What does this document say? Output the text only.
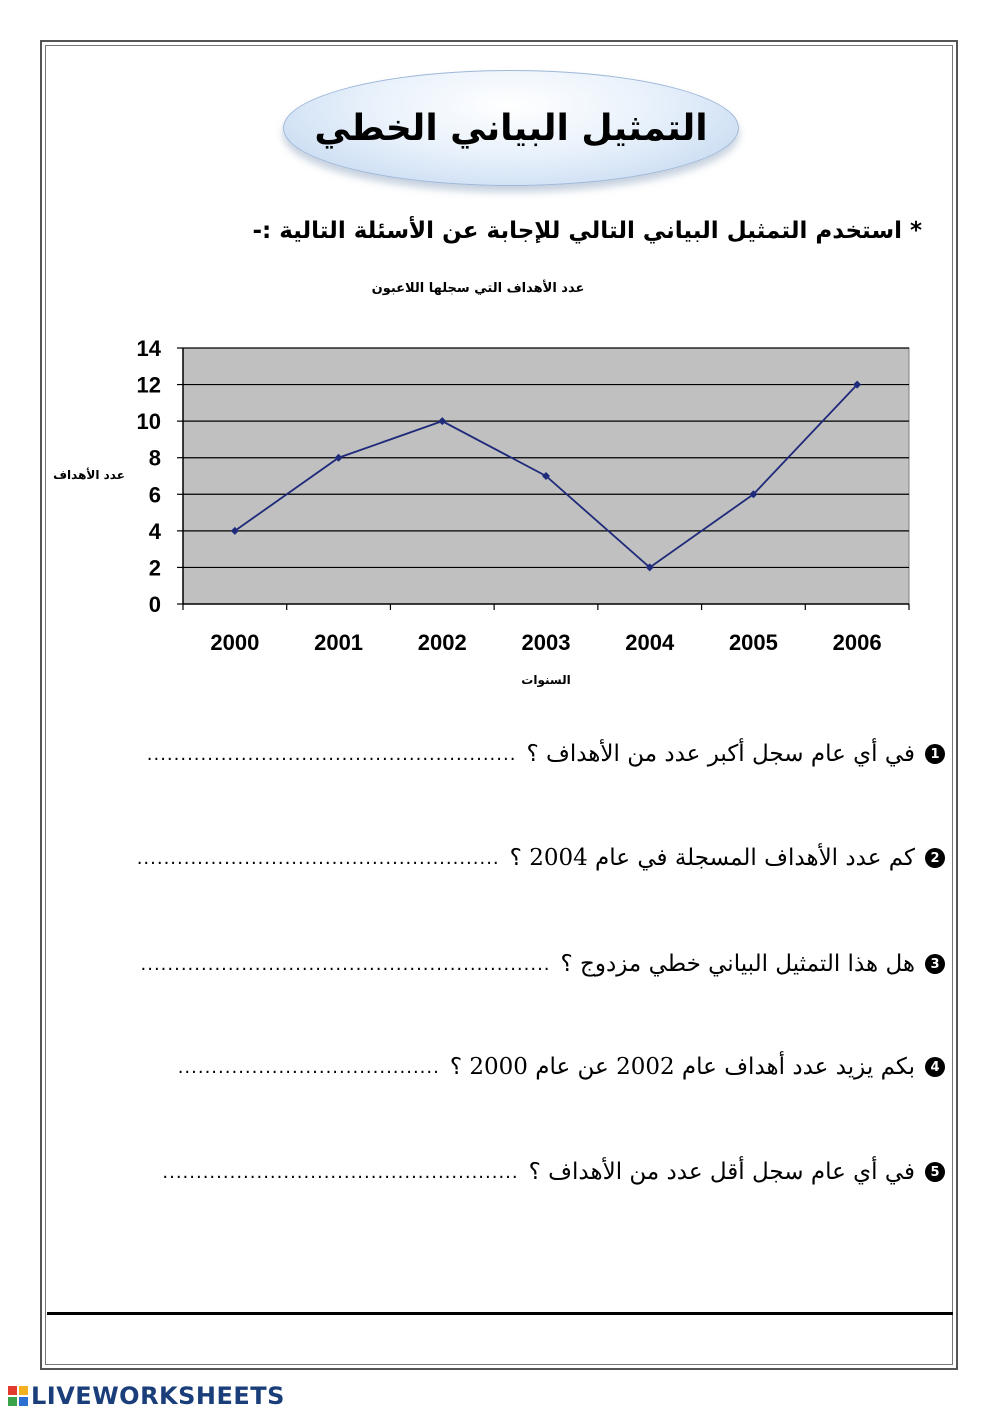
التمثيل البياني الخطي
* استخدم التمثيل البياني التالي للإجابة عن الأسئلة التالية :-
عدد الأهداف التي سجلها اللاعبون
0
2
4
6
8
10
12
14
2000 2001 2002 2003 2004 2005 2006
السنوات
عدد الأهداف
1
في أي عام سجل أكبر عدد من الأهداف ؟
.......................................................
2
كم عدد الأهداف المسجلة في عام 2004 ؟
......................................................
3
هل هذا التمثيل البياني خطي مزدوج ؟
.............................................................
4
بكم يزيد عدد أهداف عام 2002 عن عام 2000 ؟
.......................................
5
في أي عام سجل أقل عدد من الأهداف ؟
.....................................................
LIVEWORKSHEETS
